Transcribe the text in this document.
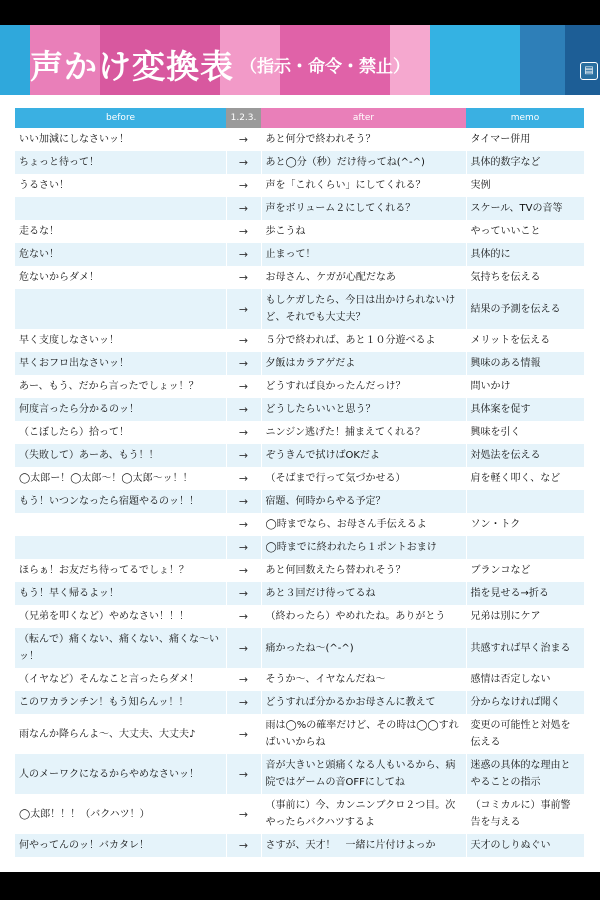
声かけ変換表 （指示・命令・禁止）	▤
before	1.2.3.	after	memo
いい加減にしなさいッ！	→	あと何分で終われそう？	タイマー併用
ちょっと待って！	→	あと◯分（秒）だけ待ってね(^-^)	具体的数字など
うるさい！	→	声を「これくらい」にしてくれる？	実例
	→	声をボリューム２にしてくれる？	スケール、TVの音等
走るな！	→	歩こうね	やっていいこと
危ない！	→	止まって！	具体的に
危ないからダメ！	→	お母さん、ケガが心配だなあ	気持ちを伝える
	→	もしケガしたら、今日は出かけられないけど、それでも大丈夫？	結果の予測を伝える
早く支度しなさいッ！	→	５分で終われば、あと１０分遊べるよ	メリットを伝える
早くおフロ出なさいッ！	→	夕飯はカラアゲだよ	興味のある情報
あー、もう、だから言ったでしょッ！？	→	どうすれば良かったんだっけ？	問いかけ
何度言ったら分かるのッ！	→	どうしたらいいと思う？	具体案を促す
（こぼしたら）拾って！	→	ニンジン逃げた！捕まえてくれる？	興味を引く
（失敗して）あーあ、もう！！	→	ぞうきんで拭けばOKだよ	対処法を伝える
◯太郎ー！◯太郎〜！◯太郎〜ッ！！	→	（そばまで行って気づかせる）	肩を軽く叩く、など
もう！いつンなったら宿題やるのッ！！	→	宿題、何時からやる予定？	
	→	◯時までなら、お母さん手伝えるよ	ソン・トク
	→	◯時までに終われたら１ポントおまけ	
ほらぁ！お友だち待ってるでしょ！？	→	あと何回数えたら替われそう？	ブランコなど
もう！早く帰るよッ！	→	あと３回だけ待ってるね	指を見せる→折る
（兄弟を叩くなど）やめなさい！！！	→	（終わったら）やめれたね。ありがとう	兄弟は別にケア
（転んで）痛くない、痛くない、痛くな〜いッ！	→	痛かったね〜(^-^)	共感すれば早く治まる
（イヤなど）そんなこと言ったらダメ！	→	そうか〜、イヤなんだね〜	感情は否定しない
このワカランチン！もう知らんッ！！	→	どうすれば分かるかお母さんに教えて	分からなければ聞く
雨なんか降らんよ〜、大丈夫、大丈夫♪	→	雨は◯%の確率だけど、その時は◯◯すればいいからね	変更の可能性と対処を伝える
人のメーワクになるからやめなさいッ！	→	音が大きいと頭痛くなる人もいるから、病院ではゲームの音OFFにしてね	迷惑の具体的な理由とやることの指示
◯太郎！！！（バクハツ！）	→	（事前に）今、カンニンブクロ２つ目。次やったらバクハツするよ	（コミカルに）事前警告を与える
何やってんのッ！バカタレ！	→	さすが、天才！　一緒に片付けよっか	天才のしりぬぐい
